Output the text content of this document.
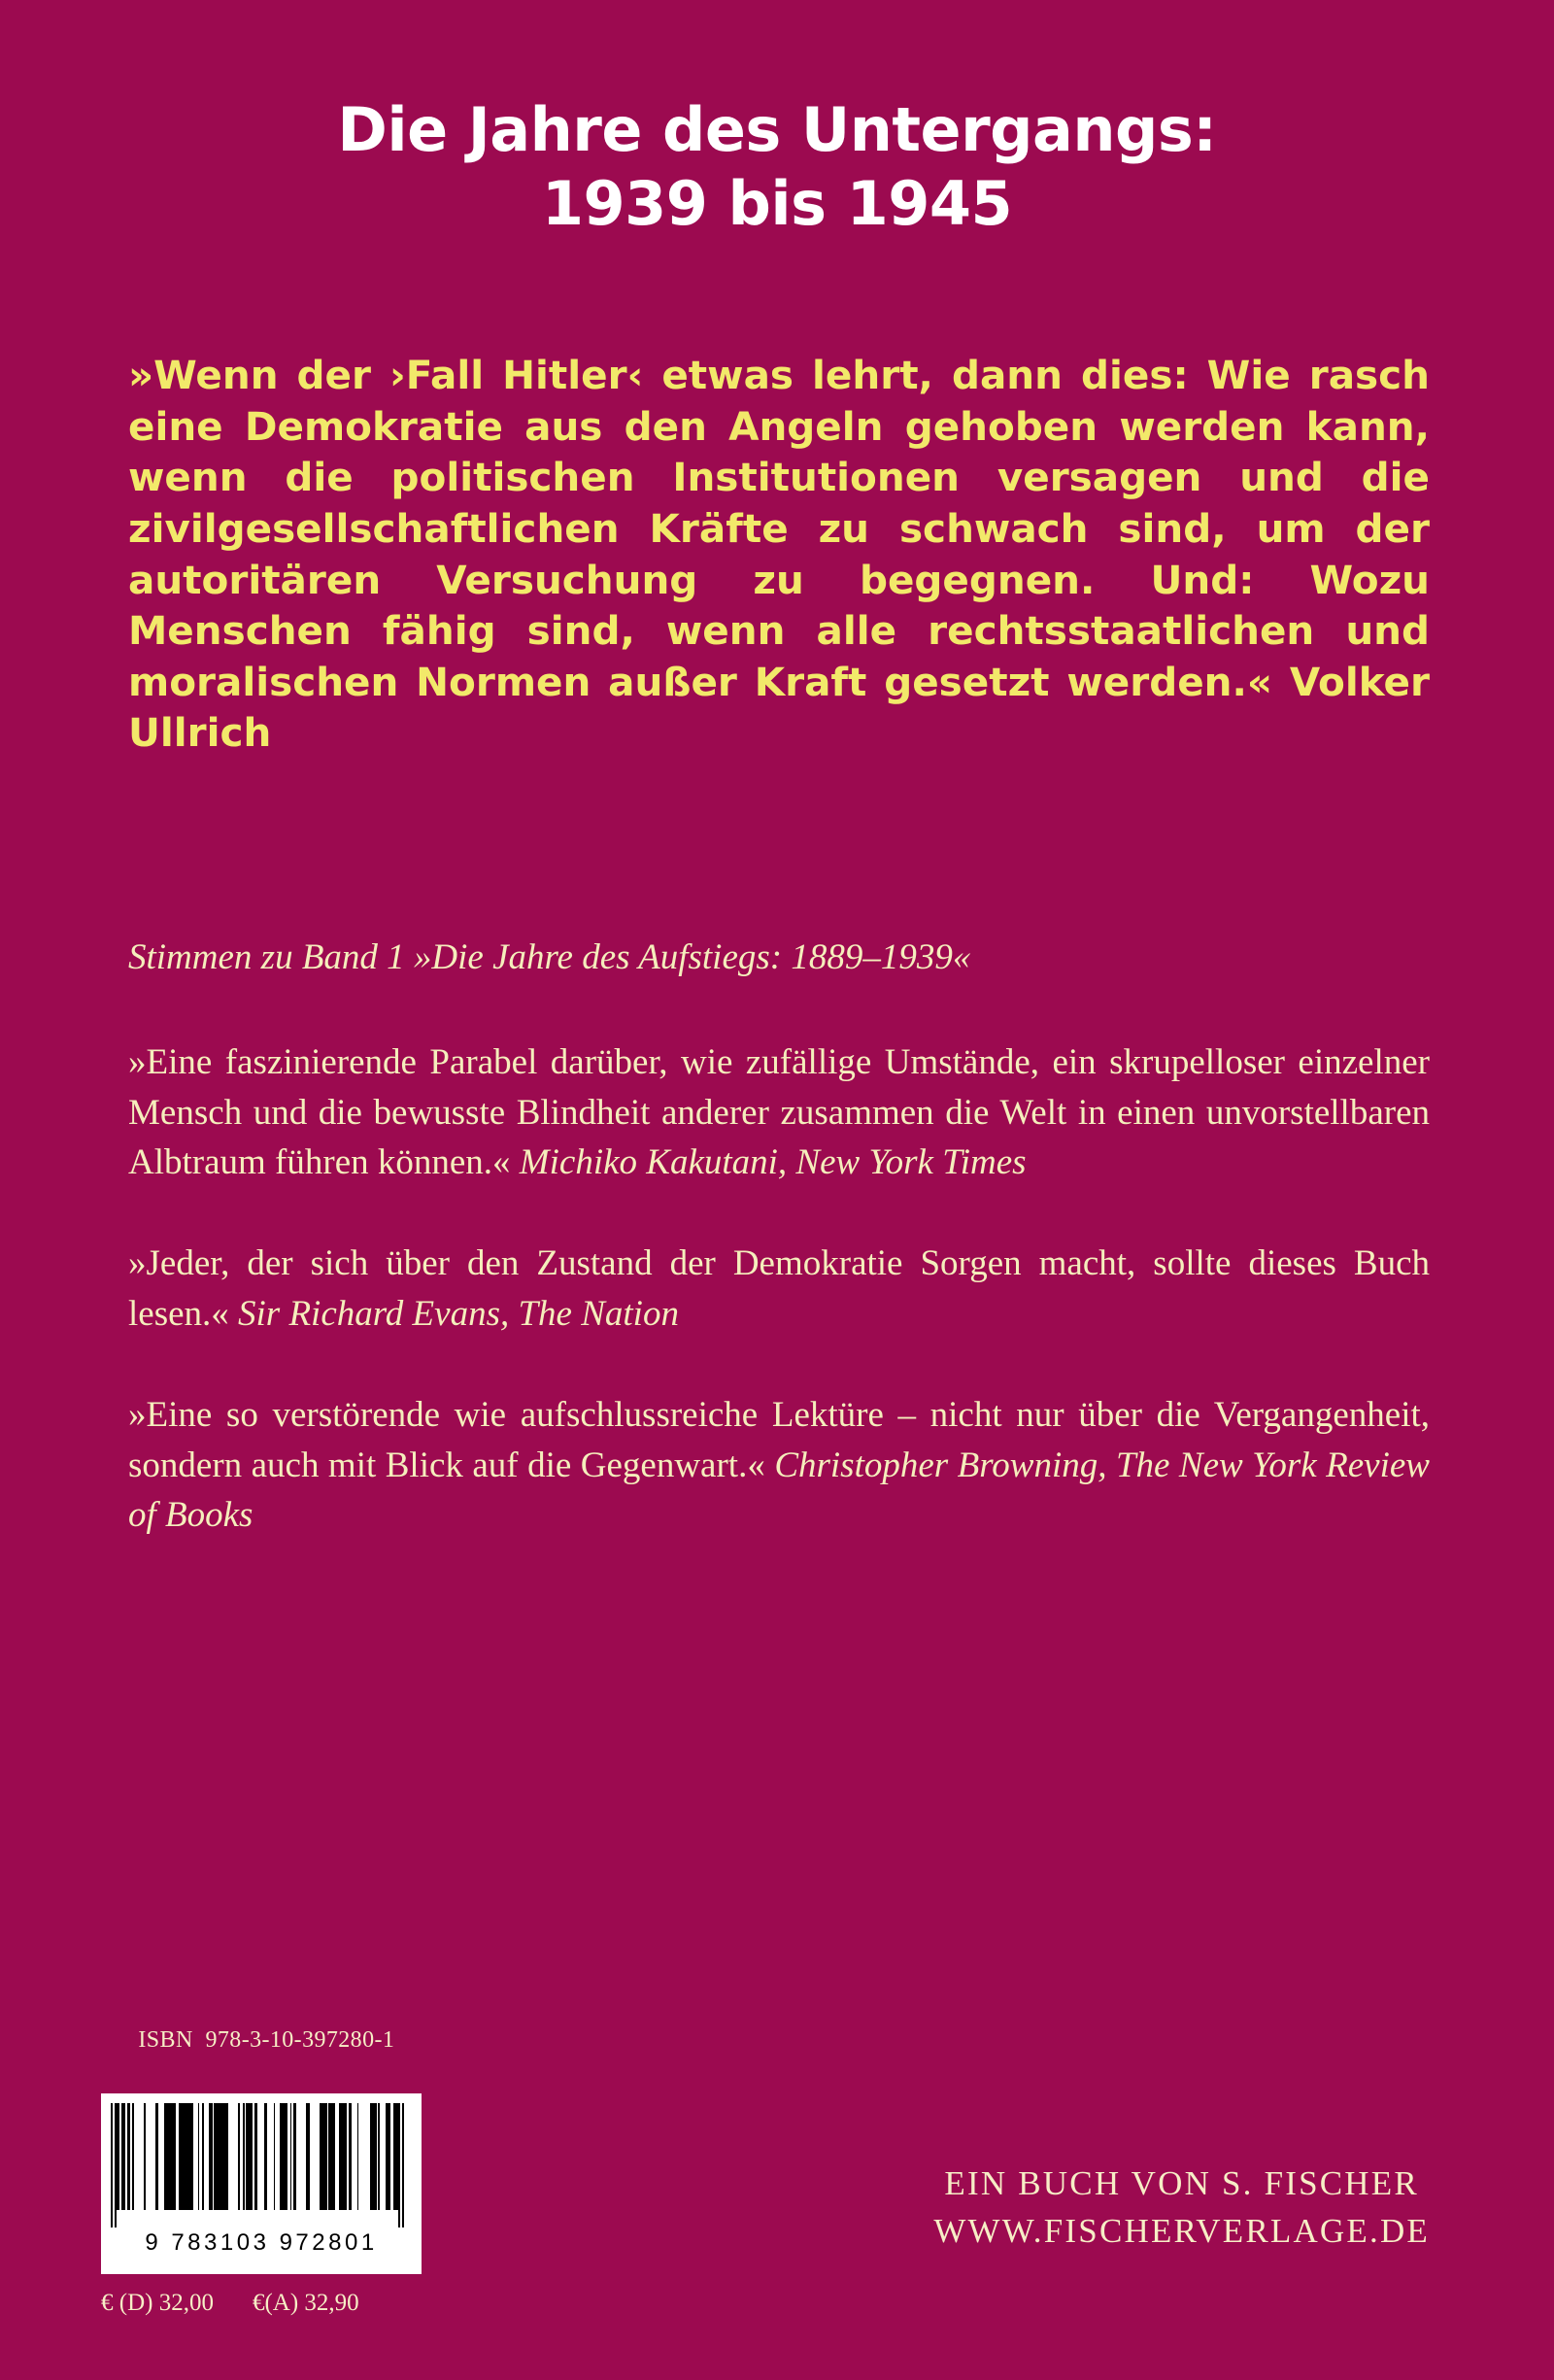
Die Jahre des Untergangs:
1939 bis 1945
»Wenn der ›Fall Hitler‹ etwas lehrt, dann dies: Wie rasch eine Demokratie aus den Angeln gehoben werden kann, wenn die politischen Institutionen versagen und die zivilgesellschaftlichen Kräfte zu schwach sind, um der autoritären Versuchung zu begegnen. Und: Wozu Menschen fähig sind, wenn alle rechtsstaatlichen und moralischen Normen außer Kraft gesetzt werden.« Volker Ullrich
Stimmen zu Band 1 »Die Jahre des Aufstiegs: 1889–1939«
»Eine faszinierende Parabel darüber, wie zufällige Umstände, ein skrupelloser einzelner Mensch und die bewusste Blindheit anderer zusammen die Welt in einen unvorstellbaren Albtraum führen können.« Michiko Kakutani, New York Times
»Jeder, der sich über den Zustand der Demokratie Sorgen macht, sollte dieses Buch lesen.« Sir Richard Evans, The Nation
»Eine so verstörende wie aufschlussreiche Lektüre – nicht nur über die Vergangenheit, sondern auch mit Blick auf die Gegenwart.« Christopher Browning, The New York Review of Books

ISBN 978-3-10-397280-1

9 783103 972801
€ (D) 32,00 €(A) 32,90
EIN BUCH VON S. FISCHER
WWW.FISCHERVERLAGE.DE
